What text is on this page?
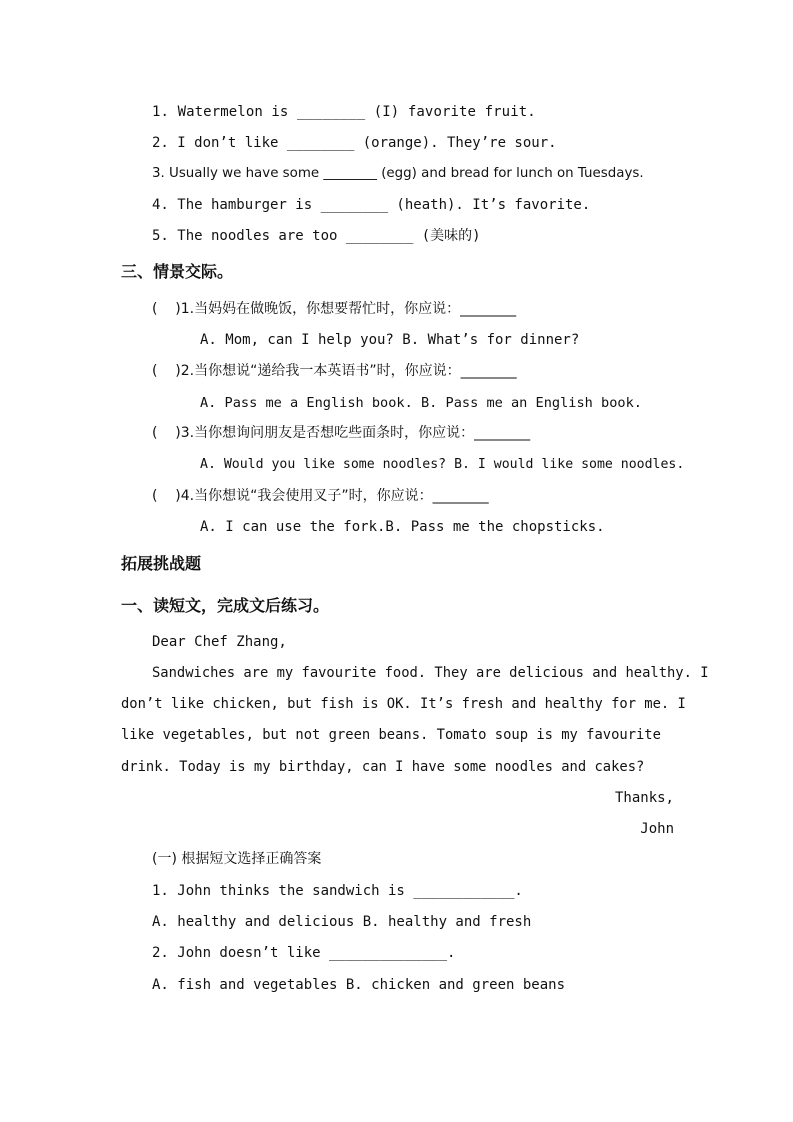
1. Watermelon is ________ (I) favorite fruit.
2. I don’t like ________ (orange). They’re sour.
3. Usually we have some ________ (egg) and bread for lunch on Tuesdays.
4. The hamburger is ________ (heath). It’s favorite.
5. The noodles are too ________ (美味的)
三、情景交际。
(    )1.当妈妈在做晚饭，你想要帮忙时，你应说：________
A. Mom, can I help you? B. What’s for dinner?
(    )2.当你想说“递给我一本英语书”时，你应说：________
A. Pass me a English book. B. Pass me an English book.
(    )3.当你想询问朋友是否想吃些面条时，你应说：________
A. Would you like some noodles? B. I would like some noodles.
(    )4.当你想说“我会使用叉子”时，你应说：________
A. I can use the fork.B. Pass me the chopsticks.
拓展挑战题
一、读短文，完成文后练习。
Dear Chef Zhang,
Sandwiches are my favourite food. They are delicious and healthy. I
don’t like chicken, but fish is OK. It’s fresh and healthy for me. I
like vegetables, but not green beans. Tomato soup is my favourite
drink. Today is my birthday, can I have some noodles and cakes?
Thanks,
John
(一) 根据短文选择正确答案
1. John thinks the sandwich is ____________.
A. healthy and delicious B. healthy and fresh
2. John doesn’t like ______________.
A. fish and vegetables B. chicken and green beans
